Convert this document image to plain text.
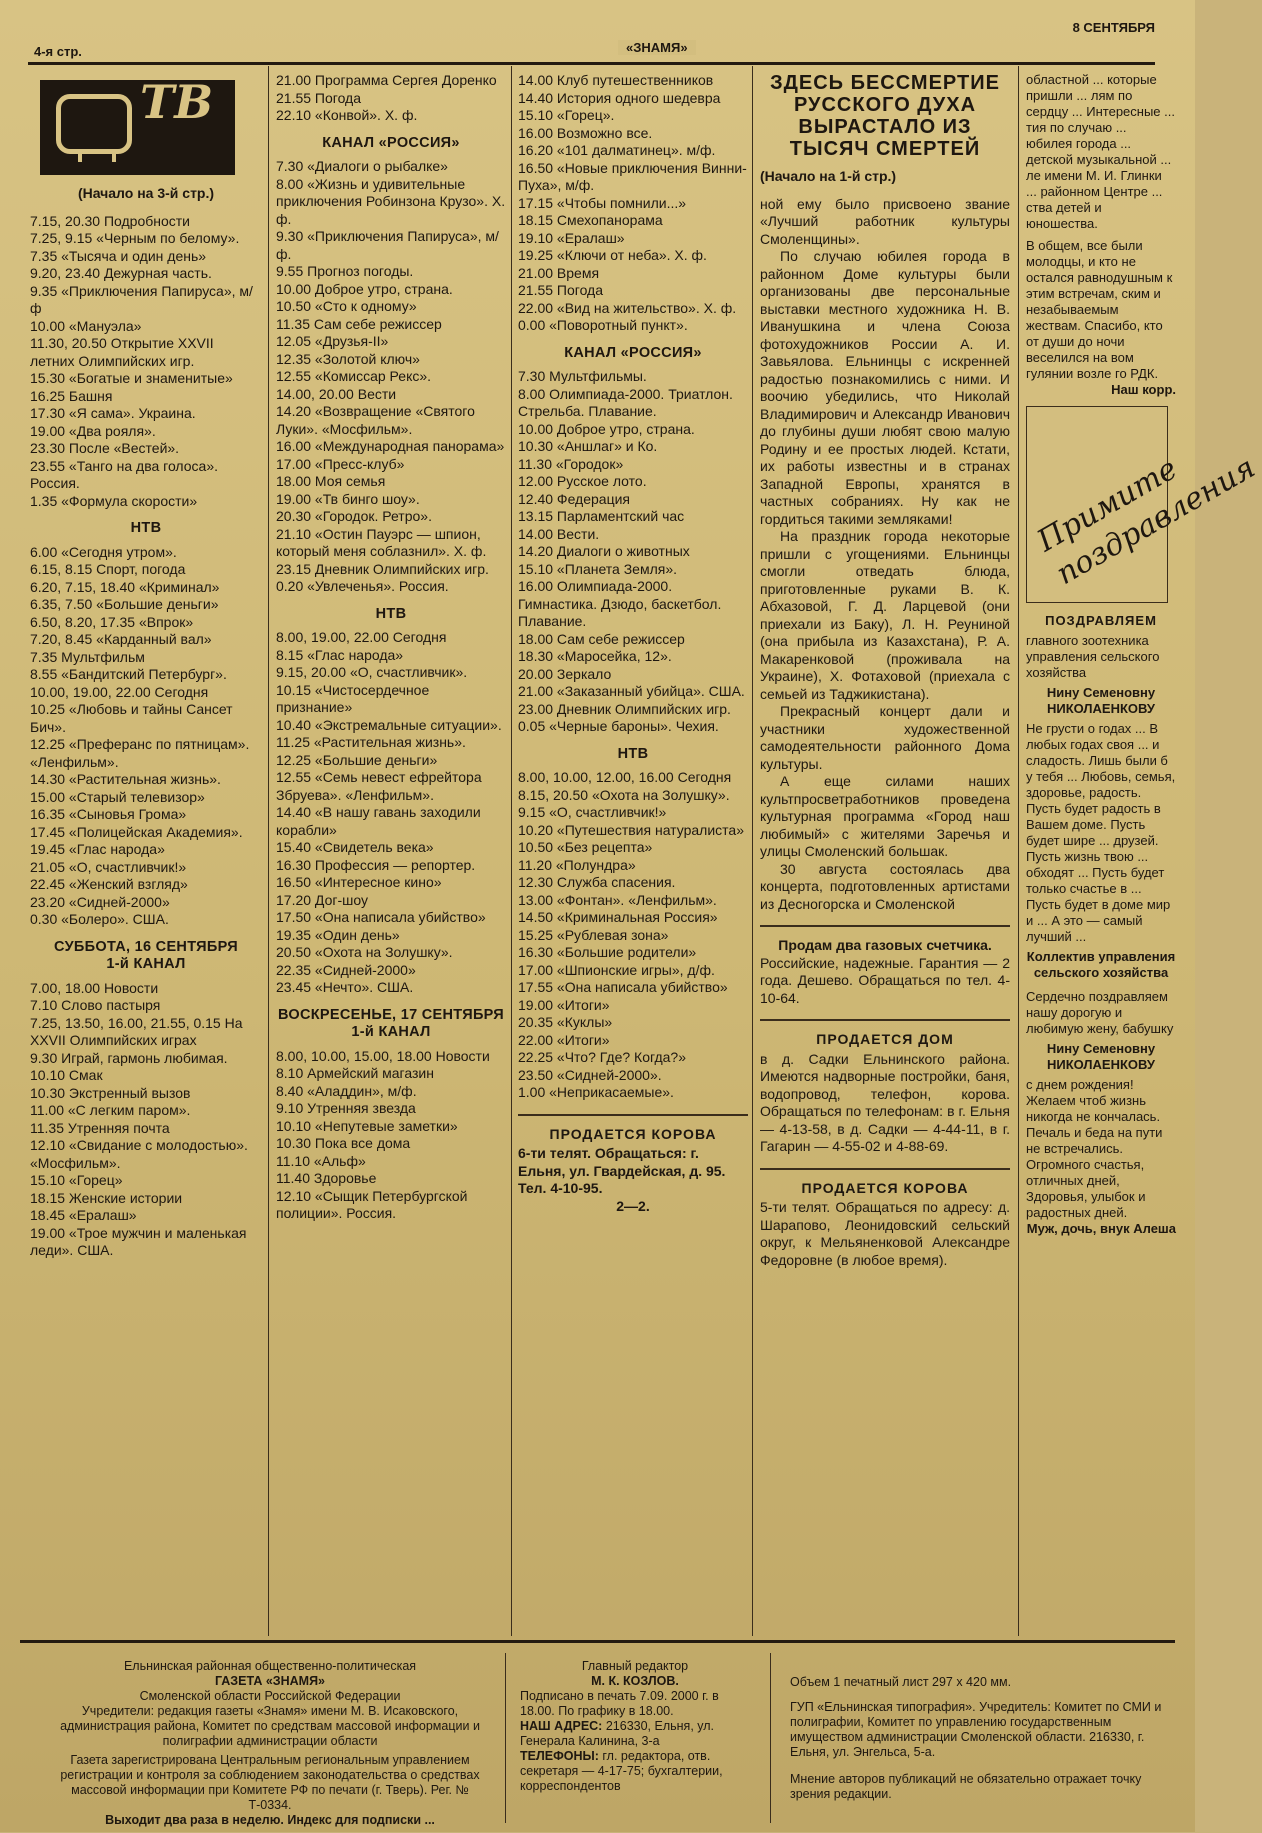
4-я стр.	«ЗНАМЯ»
8 СЕНТЯБРЯ
ТВ
(Начало на 3-й стр.)
7.15, 20.30 Подробности
7.25, 9.15 «Черным по белому».
7.35 «Тысяча и один день»
9.20, 23.40 Дежурная часть.
9.35 «Приключения Папируса», м/ф
10.00 «Мануэла»
11.30, 20.50 Открытие XXVII летних Олимпийских игр.
15.30 «Богатые и знаменитые»
16.25 Башня
17.30 «Я сама». Украина.
19.00 «Два рояля».
23.30 После «Вестей».
23.55 «Танго на два голоса». Россия.
1.35 «Формула скорости»
НТВ
6.00 «Сегодня утром».
6.15, 8.15 Спорт, погода
6.20, 7.15, 18.40 «Криминал»
6.35, 7.50 «Большие деньги»
6.50, 8.20, 17.35 «Впрок»
7.20, 8.45 «Карданный вал»
7.35 Мультфильм
8.55 «Бандитский Петербург».
10.00, 19.00, 22.00 Сегодня
10.25 «Любовь и тайны Сансет Бич».
12.25 «Преферанс по пятницам». «Ленфильм».
14.30 «Растительная жизнь».
15.00 «Старый телевизор»
16.35 «Сыновья Грома»
17.45 «Полицейская Академия».
19.45 «Глас народа»
21.05 «О, счастливчик!»
22.45 «Женский взгляд»
23.20 «Сидней-2000»
0.30 «Болеро». США.
СУББОТА, 16 СЕНТЯБРЯ
1-й КАНАЛ
7.00, 18.00 Новости
7.10 Слово пастыря
7.25, 13.50, 16.00, 21.55, 0.15 На XXVII Олимпийских играх
9.30 Играй, гармонь любимая.
10.10 Смак
10.30 Экстренный вызов
11.00 «С легким паром».
11.35 Утренняя почта
12.10 «Свидание с молодостью». «Мосфильм».
15.10 «Горец»
18.15 Женские истории
18.45 «Ералаш»
19.00 «Трое мужчин и маленькая леди». США.
21.00 Программа Сергея Доренко
21.55 Погода
22.10 «Конвой». Х. ф.
КАНАЛ «РОССИЯ»
7.30 «Диалоги о рыбалке»
8.00 «Жизнь и удивительные приключения Робинзона Крузо». Х. ф.
9.30 «Приключения Папируса», м/ф.
9.55 Прогноз погоды.
10.00 Доброе утро, страна.
10.50 «Сто к одному»
11.35 Сам себе режиссер
12.05 «Друзья-II»
12.35 «Золотой ключ»
12.55 «Комиссар Рекс».
14.00, 20.00 Вести
14.20 «Возвращение «Святого Луки». «Мосфильм».
16.00 «Международная панорама»
17.00 «Пресс-клуб»
18.00 Моя семья
19.00 «Тв бинго шоу».
20.30 «Городок. Ретро».
21.10 «Остин Пауэрс — шпион, который меня соблазнил». Х. ф.
23.15 Дневник Олимпийских игр.
0.20 «Увлеченья». Россия.
НТВ
8.00, 19.00, 22.00 Сегодня
8.15 «Глас народа»
9.15, 20.00 «О, счастливчик».
10.15 «Чистосердечное признание»
10.40 «Экстремальные ситуации».
11.25 «Растительная жизнь».
12.25 «Большие деньги»
12.55 «Семь невест ефрейтора Збруева». «Ленфильм».
14.40 «В нашу гавань заходили корабли»
15.40 «Свидетель века»
16.30 Профессия — репортер.
16.50 «Интересное кино»
17.20 Дог-шоу
17.50 «Она написала убийство»
19.35 «Один день»
20.50 «Охота на Золушку».
22.35 «Сидней-2000»
23.45 «Нечто». США.
ВОСКРЕСЕНЬЕ, 17 СЕНТЯБРЯ
1-й КАНАЛ
8.00, 10.00, 15.00, 18.00 Новости
8.10 Армейский магазин
8.40 «Аладдин», м/ф.
9.10 Утренняя звезда
10.10 «Непутевые заметки»
10.30 Пока все дома
11.10 «Альф»
11.40 Здоровье
12.10 «Сыщик Петербургской полиции». Россия.
14.00 Клуб путешественников
14.40 История одного шедевра
15.10 «Горец».
16.00 Возможно все.
16.20 «101 далматинец». м/ф.
16.50 «Новые приключения Винни-Пуха», м/ф.
17.15 «Чтобы помнили...»
18.15 Смехопанорама
19.10 «Ералаш»
19.25 «Ключи от неба». Х. ф.
21.00 Время
21.55 Погода
22.00 «Вид на жительство». Х. ф.
0.00 «Поворотный пункт».
КАНАЛ «РОССИЯ»
7.30 Мультфильмы.
8.00 Олимпиада-2000. Триатлон. Стрельба. Плавание.
10.00 Доброе утро, страна.
10.30 «Аншлаг» и Ко.
11.30 «Городок»
12.00 Русское лото.
12.40 Федерация
13.15 Парламентский час
14.00 Вести.
14.20 Диалоги о животных
15.10 «Планета Земля».
16.00 Олимпиада-2000. Гимнастика. Дзюдо, баскетбол. Плавание.
18.00 Сам себе режиссер
18.30 «Маросейка, 12».
20.00 Зеркало
21.00 «Заказанный убийца». США.
23.00 Дневник Олимпийских игр.
0.05 «Черные бароны». Чехия.
НТВ
8.00, 10.00, 12.00, 16.00 Сегодня
8.15, 20.50 «Охота на Золушку».
9.15 «О, счастливчик!»
10.20 «Путешествия натуралиста»
10.50 «Без рецепта»
11.20 «Полундра»
12.30 Служба спасения.
13.00 «Фонтан». «Ленфильм».
14.50 «Криминальная Россия»
15.25 «Рублевая зона»
16.30 «Большие родители»
17.00 «Шпионские игры», д/ф.
17.55 «Она написала убийство»
19.00 «Итоги»
20.35 «Куклы»
22.00 «Итоги»
22.25 «Что? Где? Когда?»
23.50 «Сидней-2000».
1.00 «Неприкасаемые».
ПРОДАЕТСЯ КОРОВА
6-ти телят. Обращаться: г. Ельня, ул. Гвардейская, д. 95. Тел. 4-10-95.
2—2.
ЗДЕСЬ БЕССМЕРТИЕ РУССКОГО ДУХА ВЫРАСТАЛО ИЗ ТЫСЯЧ СМЕРТЕЙ
(Начало на 1-й стр.)
ной ему было присвоено звание «Лучший работник культуры Смоленщины».
По случаю юбилея города в районном Доме культуры были организованы две персональные выставки местного художника Н. В. Иванушкина и члена Союза фотохудожников России А. И. Завьялова. Ельнинцы с искренней радостью познакомились с ними. И воочию убедились, что Николай Владимирович и Александр Иванович до глубины души любят свою малую Родину и ее простых людей. Кстати, их работы известны и в странах Западной Европы, хранятся в частных собраниях. Ну как не гордиться такими земляками!
На праздник города некоторые пришли с угощениями. Ельнинцы смогли отведать блюда, приготовленные руками В. К. Абхазовой, Г. Д. Ларцевой (они приехали из Баку), Л. Н. Реуниной (она прибыла из Казахстана), Р. А. Макаренковой (проживала на Украине), Х. Фотаховой (приехала с семьей из Таджикистана).
Прекрасный концерт дали и участники художественной самодеятельности районного Дома культуры.
А еще силами наших культпросветработников проведена культурная программа «Город наш любимый» с жителями Заречья и улицы Смоленский большак.
30 августа состоялась два концерта, подготовленных артистами из Десногорска и Смоленской
Продам два газовых счетчика.
Российские, надежные. Гарантия — 2 года. Дешево. Обращаться по тел. 4-10-64.
ПРОДАЕТСЯ ДОМ
в д. Садки Ельнинского района. Имеются надворные постройки, баня, водопровод, телефон, корова. Обращаться по телефонам: в г. Ельня — 4-13-58, в д. Садки — 4-44-11, в г. Гагарин — 4-55-02 и 4-88-69.
ПРОДАЕТСЯ КОРОВА
5-ти телят. Обращаться по адресу: д. Шарапово, Леонидовский сельский округ, к Мельяненковой Александре Федоровне (в любое время).
областной ... которые пришли ... лям по сердцу ... Интересные ... тия по случаю ... юбилея города ... детской музыкальной ... ле имени М. И. Глинки ... районном Центре ... ства детей и юношества.
В общем, все были молодцы, и кто не остался равнодушным к этим встречам, ским и незабываемым жествам. Спасибо, кто от души до ночи веселился на вом гулянии возле го РДК.
Наш корр.
Примите поздравления
ПОЗДРАВЛЯЕМ
главного зоотехника управления сельского хозяйства
Нину Семеновну НИКОЛАЕНКОВУ
Не грусти о годах ... В любых годах своя ... и сладость. Лишь были б у тебя ... Любовь, семья, здоровье, радость. Пусть будет радость в Вашем доме. Пусть будет шире ... друзей. Пусть жизнь твою ... обходят ... Пусть будет только счастье в ... Пусть будет в доме мир и ... А это — самый лучший ...
Коллектив управления сельского хозяйства
Сердечно поздравляем нашу дорогую и любимую жену, бабушку
Нину Семеновну НИКОЛАЕНКОВУ
с днем рождения! Желаем чтоб жизнь никогда не кончалась. Печаль и беда на пути не встречались. Огромного счастья, отличных дней, Здоровья, улыбок и радостных дней.
Муж, дочь, внук Алеша
Ельнинская районная общественно-политическая
ГАЗЕТА «ЗНАМЯ»
Смоленской области Российской Федерации
Учредители: редакция газеты «Знамя» имени М. В. Исаковского, администрация района, Комитет по средствам массовой информации и полиграфии администрации области
Газета зарегистрирована Центральным региональным управлением регистрации и контроля за соблюдением законодательства о средствах массовой информации при Комитете РФ по печати (г. Тверь). Рег. № Т-0334.
Выходит два раза в неделю. Индекс для подписки ...
Главный редактор
М. К. КОЗЛОВ.
Подписано в печать 7.09. 2000 г. в 18.00. По графику в 18.00.
НАШ АДРЕС: 216330, Ельня, ул. Генерала Калинина, 3-а
ТЕЛЕФОНЫ: гл. редактора, отв. секретаря — 4-17-75; бухгалтерии, корреспондентов
Объем 1 печатный лист 297 х 420 мм.
ГУП «Ельнинская типография». Учредитель: Комитет по СМИ и полиграфии, Комитет по управлению государственным имуществом администрации Смоленской области. 216330, г. Ельня, ул. Энгельса, 5-а.
Мнение авторов публикаций не обязательно отражает точку зрения редакции.
